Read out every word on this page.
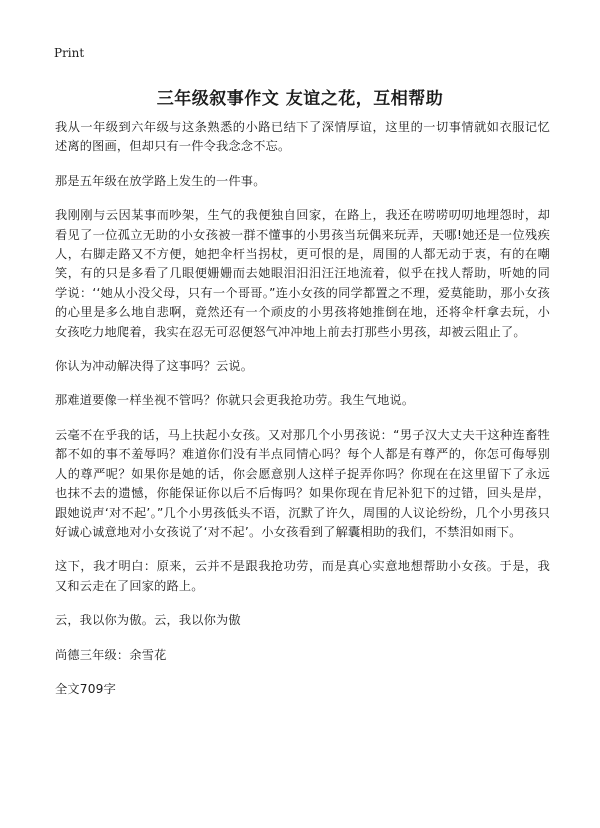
Print
三年级叙事作文 友谊之花，互相帮助

我从一年级到六年级与这条熟悉的小路已结下了深情厚谊，这里的一切事情就如衣服记忆述离的图画，但却只有一件令我念念不忘。

那是五年级在放学路上发生的一件事。

我刚刚与云因某事而吵架，生气的我便独自回家，在路上，我还在唠唠叨叨地埋怨时，却看见了一位孤立无助的小女孩被一群不懂事的小男孩当玩偶来玩弄，天哪!她还是一位残疾人，右脚走路又不方便，她把伞杆当拐杖，更可恨的是，周围的人都无动于衷，有的在嘲笑，有的只是多看了几眼便姗姗而去她眼泪汨汨汪汪地流着，似乎在找人帮助，听她的同学说：‘‘她从小没父母，只有一个哥哥。”连小女孩的同学都置之不理，爱莫能助，那小女孩的心里是多么地自悲啊，竟然还有一个顽皮的小男孩将她推倒在地，还将伞杆拿去玩，小女孩吃力地爬着，我实在忍无可忍便怒气冲冲地上前去打那些小男孩，却被云阻止了。

你认为冲动解决得了这事吗？云说。

那难道要像一样坐视不管吗？你就只会更我抢功劳。我生气地说。

云毫不在乎我的话，马上扶起小女孩。又对那几个小男孩说：“男子汉大丈夫干这种连畜牲都不如的事不羞辱吗？难道你们没有半点同情心吗？每个人都是有尊严的，你怎可侮辱别人的尊严呢？如果你是她的话，你会愿意别人这样子捉弄你吗？你现在在这里留下了永远也抹不去的遗憾，你能保证你以后不后悔吗？如果你现在肯尼补犯下的过错，回头是岸，跟她说声‘对不起’。”几个小男孩低头不语，沉默了许久，周围的人议论纷纷，几个小男孩只好诚心诚意地对小女孩说了‘对不起’。小女孩看到了解囊相助的我们，不禁泪如雨下。

这下，我才明白：原来，云并不是跟我抢功劳，而是真心实意地想帮助小女孩。于是，我又和云走在了回家的路上。

云，我以你为傲。云，我以你为傲

尚德三年级：余雪花

全文709字
